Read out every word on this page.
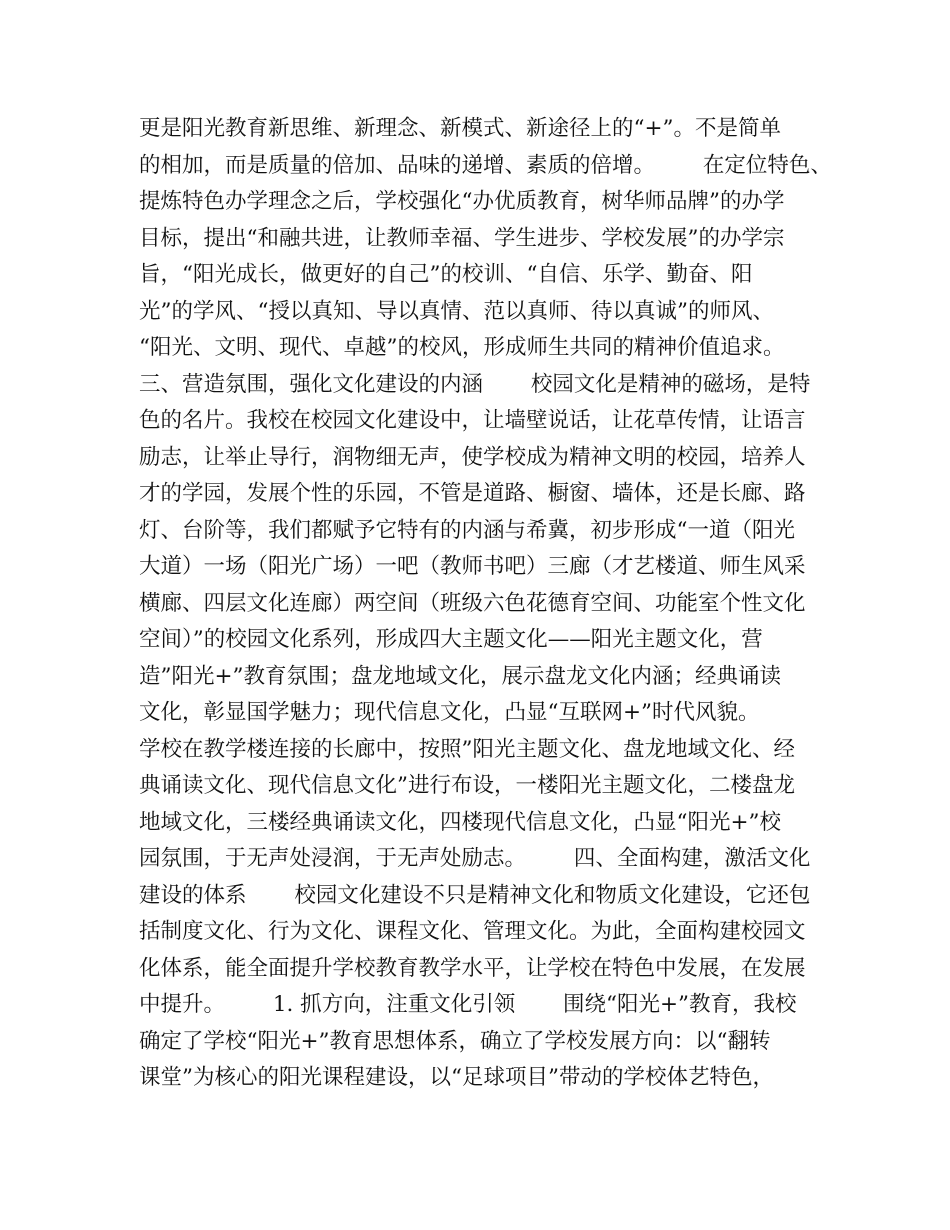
更是阳光教育新思维、新理念、新模式、新途径上的“+”。不是简单
的相加，而是质量的倍加、品味的递增、素质的倍增。       在定位特色、
提炼特色办学理念之后，学校强化“办优质教育，树华师品牌”的办学
目标，提出“和融共进，让教师幸福、学生进步、学校发展”的办学宗
旨，“阳光成长，做更好的自己”的校训、“自信、乐学、勤奋、阳
光”的学风、“授以真知、导以真情、范以真师、待以真诚”的师风、
“阳光、文明、现代、卓越”的校风，形成师生共同的精神价值追求。
三、营造氛围，强化文化建设的内涵       校园文化是精神的磁场，是特
色的名片。我校在校园文化建设中，让墙壁说话，让花草传情，让语言
励志，让举止导行，润物细无声，使学校成为精神文明的校园，培养人
才的学园，发展个性的乐园，不管是道路、橱窗、墙体，还是长廊、路
灯、台阶等，我们都赋予它特有的内涵与希冀，初步形成“一道（阳光
大道）一场（阳光广场）一吧（教师书吧）三廊（才艺楼道、师生风采
横廊、四层文化连廊）两空间（班级六色花德育空间、功能室个性文化
空间）”的校园文化系列，形成四大主题文化——阳光主题文化，营
造”阳光+”教育氛围；盘龙地域文化，展示盘龙文化内涵；经典诵读
文化，彰显国学魅力；现代信息文化，凸显“互联网+”时代风貌。
学校在教学楼连接的长廊中，按照”阳光主题文化、盘龙地域文化、经
典诵读文化、现代信息文化”进行布设，一楼阳光主题文化，二楼盘龙
地域文化，三楼经典诵读文化，四楼现代信息文化，凸显“阳光+”校
园氛围，于无声处浸润，于无声处励志。       四、全面构建，激活文化
建设的体系       校园文化建设不只是精神文化和物质文化建设，它还包
括制度文化、行为文化、课程文化、管理文化。为此，全面构建校园文
化体系，能全面提升学校教育教学水平，让学校在特色中发展，在发展
中提升。       1. 抓方向，注重文化引领       围绕“阳光+”教育，我校
确定了学校“阳光+”教育思想体系，确立了学校发展方向：以“翻转
课堂”为核心的阳光课程建设，以“足球项目”带动的学校体艺特色，
